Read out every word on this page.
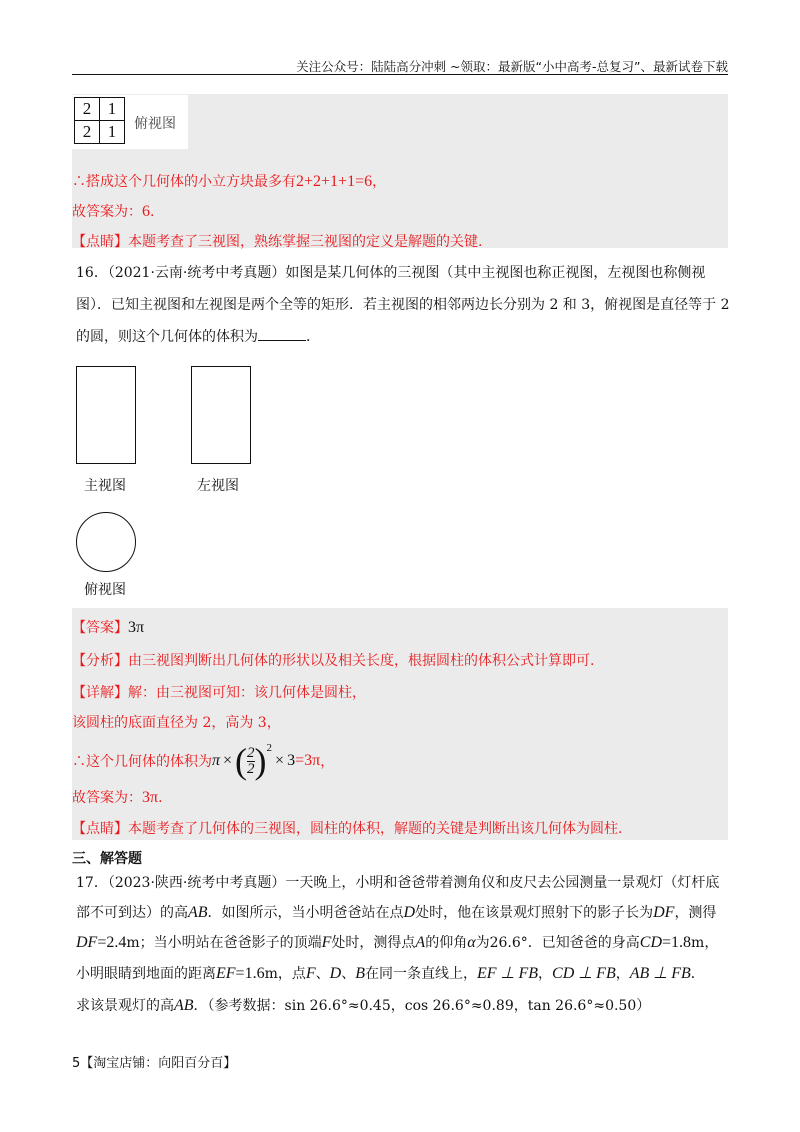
关注公众号：陆陆高分冲刺 ~领取：最新版“小中高考-总复习”、最新试卷下载
2	1
2	1 俯视图
∴搭成这个几何体的小立方块最多有2+2+1+1=6，
故答案为：6.
【点睛】本题考查了三视图，熟练掌握三视图的定义是解题的关键.
16．（2021·云南·统考中考真题）如图是某几何体的三视图（其中主视图也称正视图，左视图也称侧视
图）．已知主视图和左视图是两个全等的矩形．若主视图的相邻两边长分别为 2 和 3，俯视图是直径等于 2
的圆，则这个几何体的体积为	．
主视图	左视图
俯视图
【答案】3π
【分析】由三视图判断出几何体的形状以及相关长度，根据圆柱的体积公式计算即可.
【详解】解：由三视图可知：该几何体是圆柱，
该圆柱的底面直径为 2，高为 3，
∴这个几何体的体积为 π × ( $\frac{2}{2}$ ) 2
× 3 =3π ，
故答案为：3π.
【点睛】本题考查了几何体的三视图，圆柱的体积，解题的关键是判断出该几何体为圆柱.
三、解答题
17．（2023·陕西·统考中考真题）一天晚上，小明和爸爸带着测角仪和皮尺去公园测量一景观灯（灯杆底
部不可到达）的高AB．如图所示，当小明爸爸站在点D处时，他在该景观灯照射下的影子长为DF，测得
DF=2.4m；当小明站在爸爸影子的顶端F处时，测得点A的仰角α为26.6°．已知爸爸的身高CD=1.8m，
小明眼睛到地面的距离EF=1.6m，点F、D、B在同一条直线上，EF ⊥ FB，CD ⊥ FB，AB ⊥ FB．
求该景观灯的高AB．（参考数据：sin 26.6°≈0.45，cos 26.6°≈0.89，tan 26.6°≈0.50）
5【淘宝店铺：向阳百分百】
